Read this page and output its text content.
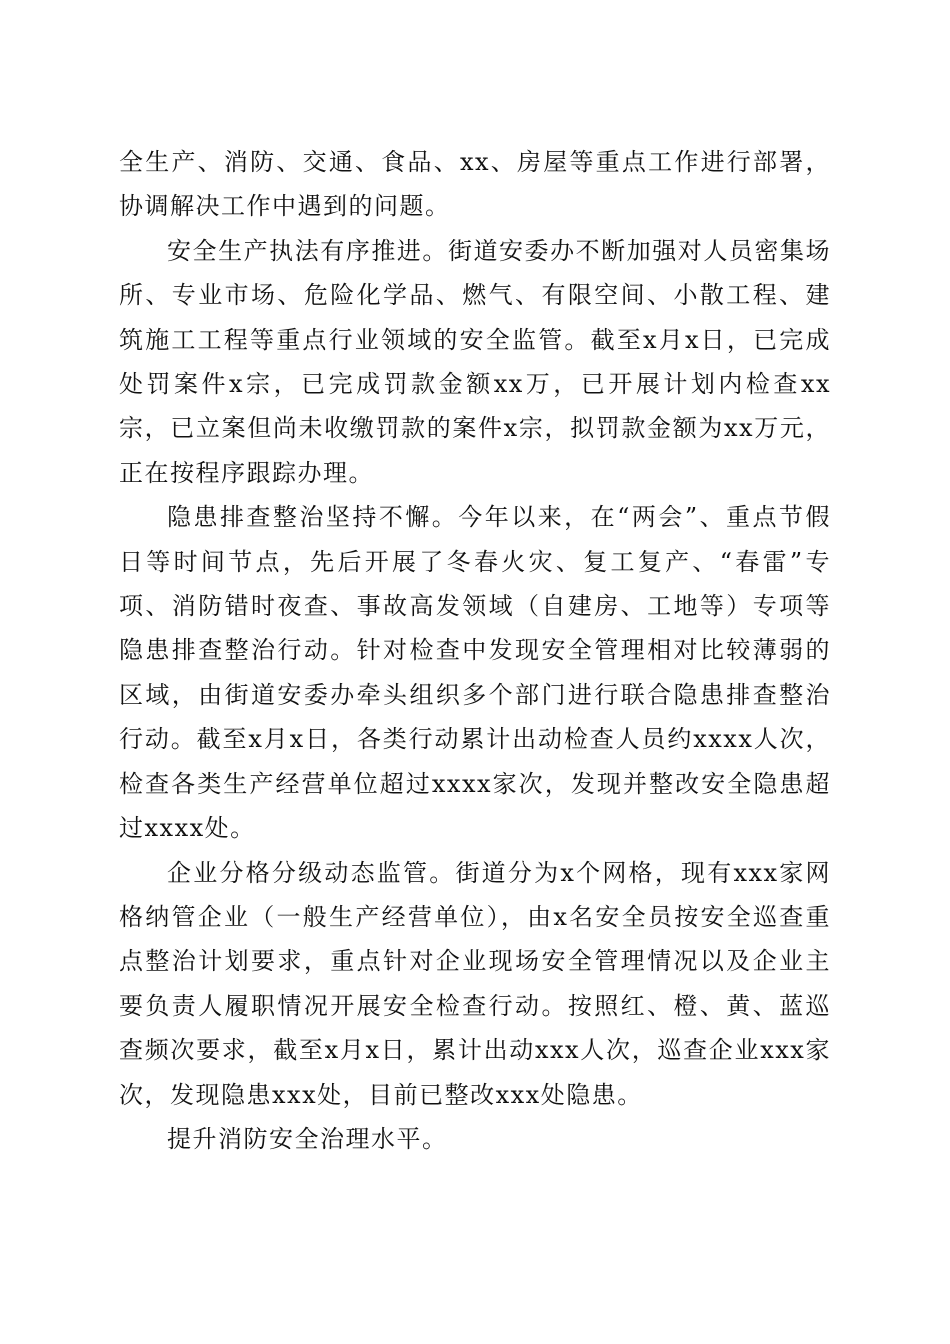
全生产、消防、交通、食品、xx、房屋等重点工作进行部署，协调解决工作中遇到的问题。

安全生产执法有序推进。街道安委办不断加强对人员密集场所、专业市场、危险化学品、燃气、有限空间、小散工程、建筑施工工程等重点行业领域的安全监管。截至x月x日，已完成处罚案件x宗，已完成罚款金额xx万，已开展计划内检查xx宗，已立案但尚未收缴罚款的案件x宗，拟罚款金额为xx万元，正在按程序跟踪办理。

隐患排查整治坚持不懈。今年以来，在“两会”、重点节假日等时间节点，先后开展了冬春火灾、复工复产、“春雷”专项、消防错时夜查、事故高发领域（自建房、工地等）专项等隐患排查整治行动。针对检查中发现安全管理相对比较薄弱的区域，由街道安委办牵头组织多个部门进行联合隐患排查整治行动。截至x月x日，各类行动累计出动检查人员约xxxx人次，检查各类生产经营单位超过xxxx家次，发现并整改安全隐患超过xxxx处。

企业分格分级动态监管。街道分为x个网格，现有xxx家网格纳管企业（一般生产经营单位），由x名安全员按安全巡查重点整治计划要求，重点针对企业现场安全管理情况以及企业主要负责人履职情况开展安全检查行动。按照红、橙、黄、蓝巡查频次要求，截至x月x日，累计出动xxx人次，巡查企业xxx家次，发现隐患xxx处，目前已整改xxx处隐患。

提升消防安全治理水平。
